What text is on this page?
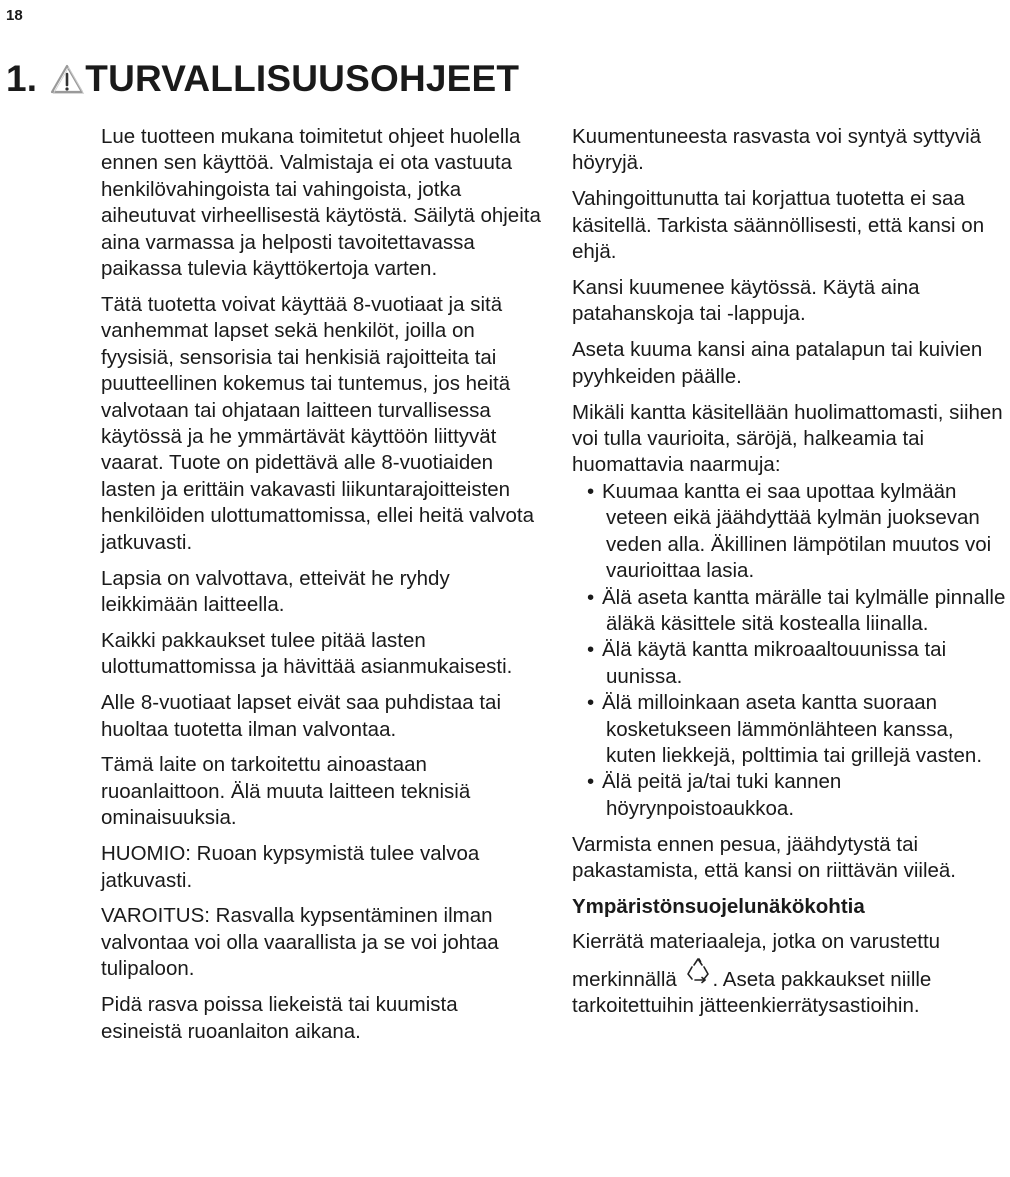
18
1. TURVALLISUUSOHJEET

Lue tuotteen mukana toimitetut ohjeet huolella ennen sen käyttöä. Valmistaja ei ota vastuuta henkilövahingoista tai vahingoista, jotka aiheutuvat virheellisestä käytöstä. Säilytä ohjeita aina varmassa ja helposti tavoitettavassa paikassa tulevia käyttökertoja varten.

Tätä tuotetta voivat käyttää 8-vuotiaat ja sitä vanhemmat lapset sekä henkilöt, joilla on fyysisiä, sensorisia tai henkisiä rajoitteita tai puutteellinen kokemus tai tuntemus, jos heitä valvotaan tai ohjataan laitteen turvallisessa käytössä ja he ymmärtävät käyttöön liittyvät vaarat. Tuote on pidettävä alle 8-vuotiaiden lasten ja erittäin vakavasti liikuntarajoitteisten henkilöiden ulottumattomissa, ellei heitä valvota jatkuvasti.

Lapsia on valvottava, etteivät he ryhdy leikkimään laitteella.

Kaikki pakkaukset tulee pitää lasten ulottumattomissa ja hävittää asianmukaisesti.

Alle 8-vuotiaat lapset eivät saa puhdistaa tai huoltaa tuotetta ilman valvontaa.

Tämä laite on tarkoitettu ainoastaan ruoanlaittoon. Älä muuta laitteen teknisiä ominaisuuksia.

HUOMIO: Ruoan kypsymistä tulee valvoa jatkuvasti.

VAROITUS: Rasvalla kypsentäminen ilman valvontaa voi olla vaarallista ja se voi johtaa tulipaloon.

Pidä rasva poissa liekeistä tai kuumista esineistä ruoanlaiton aikana.

Kuumentuneesta rasvasta voi syntyä syttyviä höyryjä.

Vahingoittunutta tai korjattua tuotetta ei saa käsitellä. Tarkista säännöllisesti, että kansi on ehjä.

Kansi kuumenee käytössä. Käytä aina patahanskoja tai -lappuja.

Aseta kuuma kansi aina patalapun tai kuivien pyyhkeiden päälle.

Mikäli kantta käsitellään huolimattomasti, siihen voi tulla vaurioita, säröjä, halkeamia tai huomattavia naarmuja:

• Kuumaa kantta ei saa upottaa kylmään veteen eikä jäähdyttää kylmän juoksevan veden alla. Äkillinen lämpötilan muutos voi vaurioittaa lasia.
• Älä aseta kantta märälle tai kylmälle pinnalle äläkä käsittele sitä kostealla liinalla.
• Älä käytä kantta mikroaaltouunissa tai uunissa.
• Älä milloinkaan aseta kantta suoraan kosketukseen lämmönlähteen kanssa, kuten liekkejä, polttimia tai grillejä vasten.
• Älä peitä ja/tai tuki kannen höyrynpoistoaukkoa.

Varmista ennen pesua, jäähdytystä tai pakastamista, että kansi on riittävän viileä.

Ympäristönsuojelunäkökohtia

Kierrätä materiaaleja, jotka on varustettu merkinnällä . Aseta pakkaukset niille tarkoitettuihin jätteenkierrätysastioihin.
